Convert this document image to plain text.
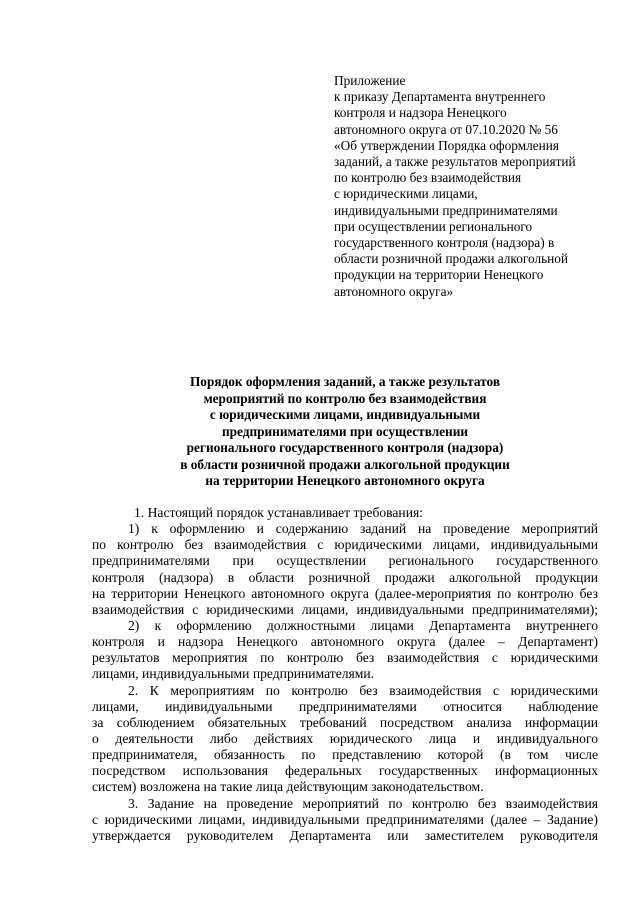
Приложение
к приказу Департамента внутреннего
контроля и надзора Ненецкого
автономного округа от 07.10.2020 № 56
«Об утверждении Порядка оформления
заданий, а также результатов мероприятий
по контролю без взаимодействия
с юридическими лицами,
индивидуальными предпринимателями
при осуществлении регионального
государственного контроля (надзора) в
области розничной продажи алкогольной
продукции на территории Ненецкого
автономного округа»
Порядок оформления заданий, а также результатов
мероприятий по контролю без взаимодействия
с юридическими лицами, индивидуальными
предпринимателями при осуществлении
регионального государственного контроля (надзора)
в области розничной продажи алкогольной продукции
на территории Ненецкого автономного округа
1. Настоящий порядок устанавливает требования:
1) к оформлению и содержанию заданий на проведение мероприятий
по контролю без взаимодействия с юридическими лицами, индивидуальными
предпринимателями при осуществлении регионального государственного
контроля (надзора) в области розничной продажи алкогольной продукции
на территории Ненецкого автономного округа (далее-мероприятия по контролю без
взаимодействия с юридическими лицами, индивидуальными предпринимателями);
2) к оформлению должностными лицами Департамента внутреннего
контроля и надзора Ненецкого автономного округа (далее – Департамент)
результатов мероприятия по контролю без взаимодействия с юридическими
лицами, индивидуальными предпринимателями.
2. К мероприятиям по контролю без взаимодействия с юридическими
лицами, индивидуальными предпринимателями относится наблюдение
за соблюдением обязательных требований посредством анализа информации
о деятельности либо действиях юридического лица и индивидуального
предпринимателя, обязанность по представлению которой (в том числе
посредством использования федеральных государственных информационных
систем) возложена на такие лица действующим законодательством.
3. Задание на проведение мероприятий по контролю без взаимодействия
с юридическими лицами, индивидуальными предпринимателями (далее – Задание)
утверждается руководителем Департамента или заместителем руководителя
